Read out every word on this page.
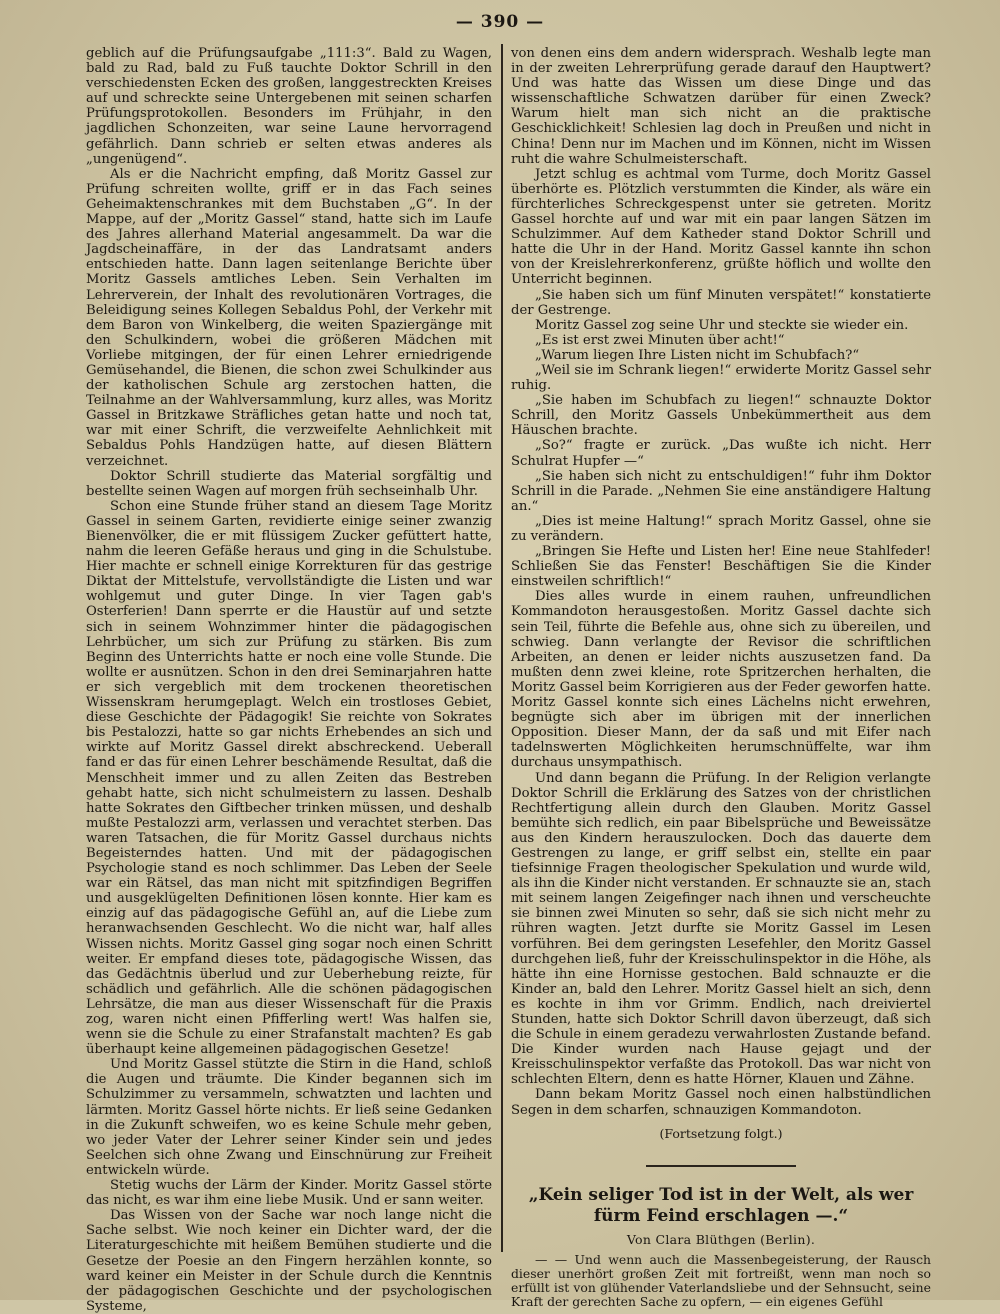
— 390 —

geblich auf die Prüfungsaufgabe „111:3“. Bald zu Wagen, bald zu Rad, bald zu Fuß tauchte Doktor Schrill in den verschiedensten Ecken des großen, langgestreckten Kreises auf und schreckte seine Untergebenen mit seinen scharfen Prüfungsprotokollen. Besonders im Frühjahr, in den jagdlichen Schonzeiten, war seine Laune hervorragend gefährlich. Dann schrieb er selten etwas anderes als „ungenügend“.

Als er die Nachricht empfing, daß Moritz Gassel zur Prüfung schreiten wollte, griff er in das Fach seines Geheimaktenschrankes mit dem Buchstaben „G“. In der Mappe, auf der „Moritz Gassel“ stand, hatte sich im Laufe des Jahres allerhand Material angesammelt. Da war die Jagdscheinaffäre, in der das Landratsamt anders entschieden hatte. Dann lagen seitenlange Berichte über Moritz Gassels amtliches Leben. Sein Verhalten im Lehrerverein, der Inhalt des revolutionären Vortrages, die Beleidigung seines Kollegen Sebaldus Pohl, der Verkehr mit dem Baron von Winkelberg, die weiten Spaziergänge mit den Schulkindern, wobei die größeren Mädchen mit Vorliebe mitgingen, der für einen Lehrer erniedrigende Gemüsehandel, die Bienen, die schon zwei Schulkinder aus der katholischen Schule arg zerstochen hatten, die Teilnahme an der Wahlversammlung, kurz alles, was Moritz Gassel in Britzkawe Sträfliches getan hatte und noch tat, war mit einer Schrift, die verzweifelte Aehnlichkeit mit Sebaldus Pohls Handzügen hatte, auf diesen Blättern verzeichnet.

Doktor Schrill studierte das Material sorgfältig und bestellte seinen Wagen auf morgen früh sechseinhalb Uhr.

Schon eine Stunde früher stand an diesem Tage Moritz Gassel in seinem Garten, revidierte einige seiner zwanzig Bienenvölker, die er mit flüssigem Zucker gefüttert hatte, nahm die leeren Gefäße heraus und ging in die Schulstube. Hier machte er schnell einige Korrekturen für das gestrige Diktat der Mittelstufe, vervollständigte die Listen und war wohlgemut und guter Dinge. In vier Tagen gab's Osterferien! Dann sperrte er die Haustür auf und setzte sich in seinem Wohnzimmer hinter die pädagogischen Lehrbücher, um sich zur Prüfung zu stärken. Bis zum Beginn des Unterrichts hatte er noch eine volle Stunde. Die wollte er ausnützen. Schon in den drei Seminarjahren hatte er sich vergeblich mit dem trockenen theoretischen Wissenskram herumgeplagt. Welch ein trostloses Gebiet, diese Geschichte der Pädagogik! Sie reichte von Sokrates bis Pestalozzi, hatte so gar nichts Erhebendes an sich und wirkte auf Moritz Gassel direkt abschreckend. Ueberall fand er das für einen Lehrer beschämende Resultat, daß die Menschheit immer und zu allen Zeiten das Bestreben gehabt hatte, sich nicht schulmeistern zu lassen. Deshalb hatte Sokrates den Giftbecher trinken müssen, und deshalb mußte Pestalozzi arm, verlassen und verachtet sterben. Das waren Tatsachen, die für Moritz Gassel durchaus nichts Begeisterndes hatten. Und mit der pädagogischen Psychologie stand es noch schlimmer. Das Leben der Seele war ein Rätsel, das man nicht mit spitzfindigen Begriffen und ausgeklügelten Definitionen lösen konnte. Hier kam es einzig auf das pädagogische Gefühl an, auf die Liebe zum heranwachsenden Geschlecht. Wo die nicht war, half alles Wissen nichts. Moritz Gassel ging sogar noch einen Schritt weiter. Er empfand dieses tote, pädagogische Wissen, das das Gedächtnis überlud und zur Ueberhebung reizte, für schädlich und gefährlich. Alle die schönen pädagogischen Lehrsätze, die man aus dieser Wissenschaft für die Praxis zog, waren nicht einen Pfifferling wert! Was halfen sie, wenn sie die Schule zu einer Strafanstalt machten? Es gab überhaupt keine allgemeinen pädagogischen Gesetze!

Und Moritz Gassel stützte die Stirn in die Hand, schloß die Augen und träumte. Die Kinder begannen sich im Schulzimmer zu versammeln, schwatzten und lachten und lärmten. Moritz Gassel hörte nichts. Er ließ seine Gedanken in die Zukunft schweifen, wo es keine Schule mehr geben, wo jeder Vater der Lehrer seiner Kinder sein und jedes Seelchen sich ohne Zwang und Einschnürung zur Freiheit entwickeln würde.

Stetig wuchs der Lärm der Kinder. Moritz Gassel störte das nicht, es war ihm eine liebe Musik. Und er sann weiter.

Das Wissen von der Sache war noch lange nicht die Sache selbst. Wie noch keiner ein Dichter ward, der die Literaturgeschichte mit heißem Bemühen studierte und die Gesetze der Poesie an den Fingern herzählen konnte, so ward keiner ein Meister in der Schule durch die Kenntnis der pädagogischen Geschichte und der psychologischen Systeme,

von denen eins dem andern widersprach. Weshalb legte man in der zweiten Lehrerprüfung gerade darauf den Hauptwert? Und was hatte das Wissen um diese Dinge und das wissenschaftliche Schwatzen darüber für einen Zweck? Warum hielt man sich nicht an die praktische Geschicklichkeit! Schlesien lag doch in Preußen und nicht in China! Denn nur im Machen und im Können, nicht im Wissen ruht die wahre Schulmeisterschaft.

Jetzt schlug es achtmal vom Turme, doch Moritz Gassel überhörte es. Plötzlich verstummten die Kinder, als wäre ein fürchterliches Schreckgespenst unter sie getreten. Moritz Gassel horchte auf und war mit ein paar langen Sätzen im Schulzimmer. Auf dem Katheder stand Doktor Schrill und hatte die Uhr in der Hand. Moritz Gassel kannte ihn schon von der Kreislehrerkonferenz, grüßte höflich und wollte den Unterricht beginnen.

„Sie haben sich um fünf Minuten verspätet!“ konstatierte der Gestrenge.

Moritz Gassel zog seine Uhr und steckte sie wieder ein.

„Es ist erst zwei Minuten über acht!“

„Warum liegen Ihre Listen nicht im Schubfach?“

„Weil sie im Schrank liegen!“ erwiderte Moritz Gassel sehr ruhig.

„Sie haben im Schubfach zu liegen!“ schnauzte Doktor Schrill, den Moritz Gassels Unbekümmertheit aus dem Häuschen brachte.

„So?“ fragte er zurück. „Das wußte ich nicht. Herr Schulrat Hupfer —“

„Sie haben sich nicht zu entschuldigen!“ fuhr ihm Doktor Schrill in die Parade. „Nehmen Sie eine anständigere Haltung an.“

„Dies ist meine Haltung!“ sprach Moritz Gassel, ohne sie zu verändern.

„Bringen Sie Hefte und Listen her! Eine neue Stahlfeder! Schließen Sie das Fenster! Beschäftigen Sie die Kinder einstweilen schriftlich!“

Dies alles wurde in einem rauhen, unfreundlichen Kommandoton herausgestoßen. Moritz Gassel dachte sich sein Teil, führte die Befehle aus, ohne sich zu übereilen, und schwieg. Dann verlangte der Revisor die schriftlichen Arbeiten, an denen er leider nichts auszusetzen fand. Da mußten denn zwei kleine, rote Spritzerchen herhalten, die Moritz Gassel beim Korrigieren aus der Feder geworfen hatte. Moritz Gassel konnte sich eines Lächelns nicht erwehren, begnügte sich aber im übrigen mit der innerlichen Opposition. Dieser Mann, der da saß und mit Eifer nach tadelnswerten Möglichkeiten herumschnüffelte, war ihm durchaus unsympathisch.

Und dann begann die Prüfung. In der Religion verlangte Doktor Schrill die Erklärung des Satzes von der christlichen Rechtfertigung allein durch den Glauben. Moritz Gassel bemühte sich redlich, ein paar Bibelsprüche und Beweissätze aus den Kindern herauszulocken. Doch das dauerte dem Gestrengen zu lange, er griff selbst ein, stellte ein paar tiefsinnige Fragen theologischer Spekulation und wurde wild, als ihn die Kinder nicht verstanden. Er schnauzte sie an, stach mit seinem langen Zeigefinger nach ihnen und verscheuchte sie binnen zwei Minuten so sehr, daß sie sich nicht mehr zu rühren wagten. Jetzt durfte sie Moritz Gassel im Lesen vorführen. Bei dem geringsten Lesefehler, den Moritz Gassel durchgehen ließ, fuhr der Kreisschulinspektor in die Höhe, als hätte ihn eine Hornisse gestochen. Bald schnauzte er die Kinder an, bald den Lehrer. Moritz Gassel hielt an sich, denn es kochte in ihm vor Grimm. Endlich, nach dreiviertel Stunden, hatte sich Doktor Schrill davon überzeugt, daß sich die Schule in einem geradezu verwahrlosten Zustande befand. Die Kinder wurden nach Hause gejagt und der Kreisschulinspektor verfaßte das Protokoll. Das war nicht von schlechten Eltern, denn es hatte Hörner, Klauen und Zähne.

Dann bekam Moritz Gassel noch einen halbstündlichen Segen in dem scharfen, schnauzigen Kommandoton.

(Fortsetzung folgt.)

„Kein seliger Tod ist in der Welt, als wer fürm Feind erschlagen —.“
Von Clara Blüthgen (Berlin).

— — Und wenn auch die Massenbegeisterung, der Rausch dieser unerhört großen Zeit mit fortreißt, wenn man noch so erfüllt ist von glühender Vaterlandsliebe und der Sehnsucht, seine Kraft der gerechten Sache zu opfern, — ein eigenes Gefühl
